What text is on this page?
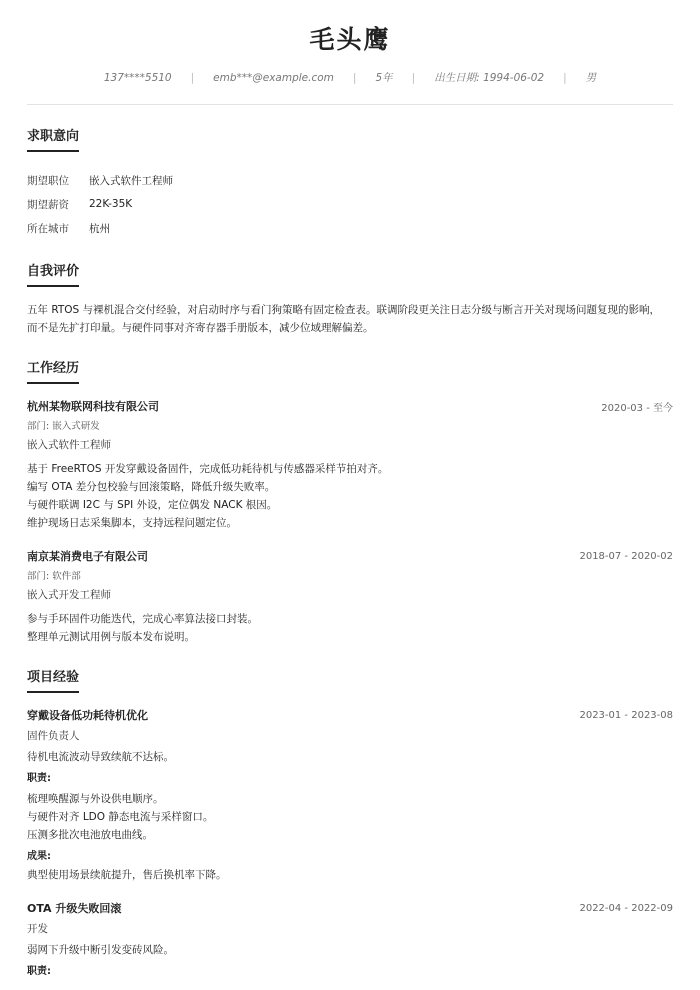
毛头鹰
137****5510 | emb***@example.com | 5年 | 出生日期: 1994-06-02 | 男
求职意向
期望职位	嵌入式软件工程师
期望薪资	22K-35K
所在城市	杭州
自我评价
五年 RTOS 与裸机混合交付经验，对启动时序与看门狗策略有固定检查表。联调阶段更关注日志分级与断言开关对现场问题复现的影响，
而不是先扩打印量。与硬件同事对齐寄存器手册版本，减少位域理解偏差。
工作经历
杭州某物联网科技有限公司	2020-03 - 至今
部门: 嵌入式研发
嵌入式软件工程师
基于 FreeRTOS 开发穿戴设备固件，完成低功耗待机与传感器采样节拍对齐。
编写 OTA 差分包校验与回滚策略，降低升级失败率。
与硬件联调 I2C 与 SPI 外设，定位偶发 NACK 根因。
维护现场日志采集脚本，支持远程问题定位。
南京某消费电子有限公司	2018-07 - 2020-02
部门: 软件部
嵌入式开发工程师
参与手环固件功能迭代，完成心率算法接口封装。
整理单元测试用例与版本发布说明。
项目经验
穿戴设备低功耗待机优化	2023-01 - 2023-08
固件负责人
待机电流波动导致续航不达标。
职责:
梳理唤醒源与外设供电顺序。
与硬件对齐 LDO 静态电流与采样窗口。
压测多批次电池放电曲线。
成果:
典型使用场景续航提升，售后换机率下降。
OTA 升级失败回滚	2022-04 - 2022-09
开发
弱网下升级中断引发变砖风险。
职责:
